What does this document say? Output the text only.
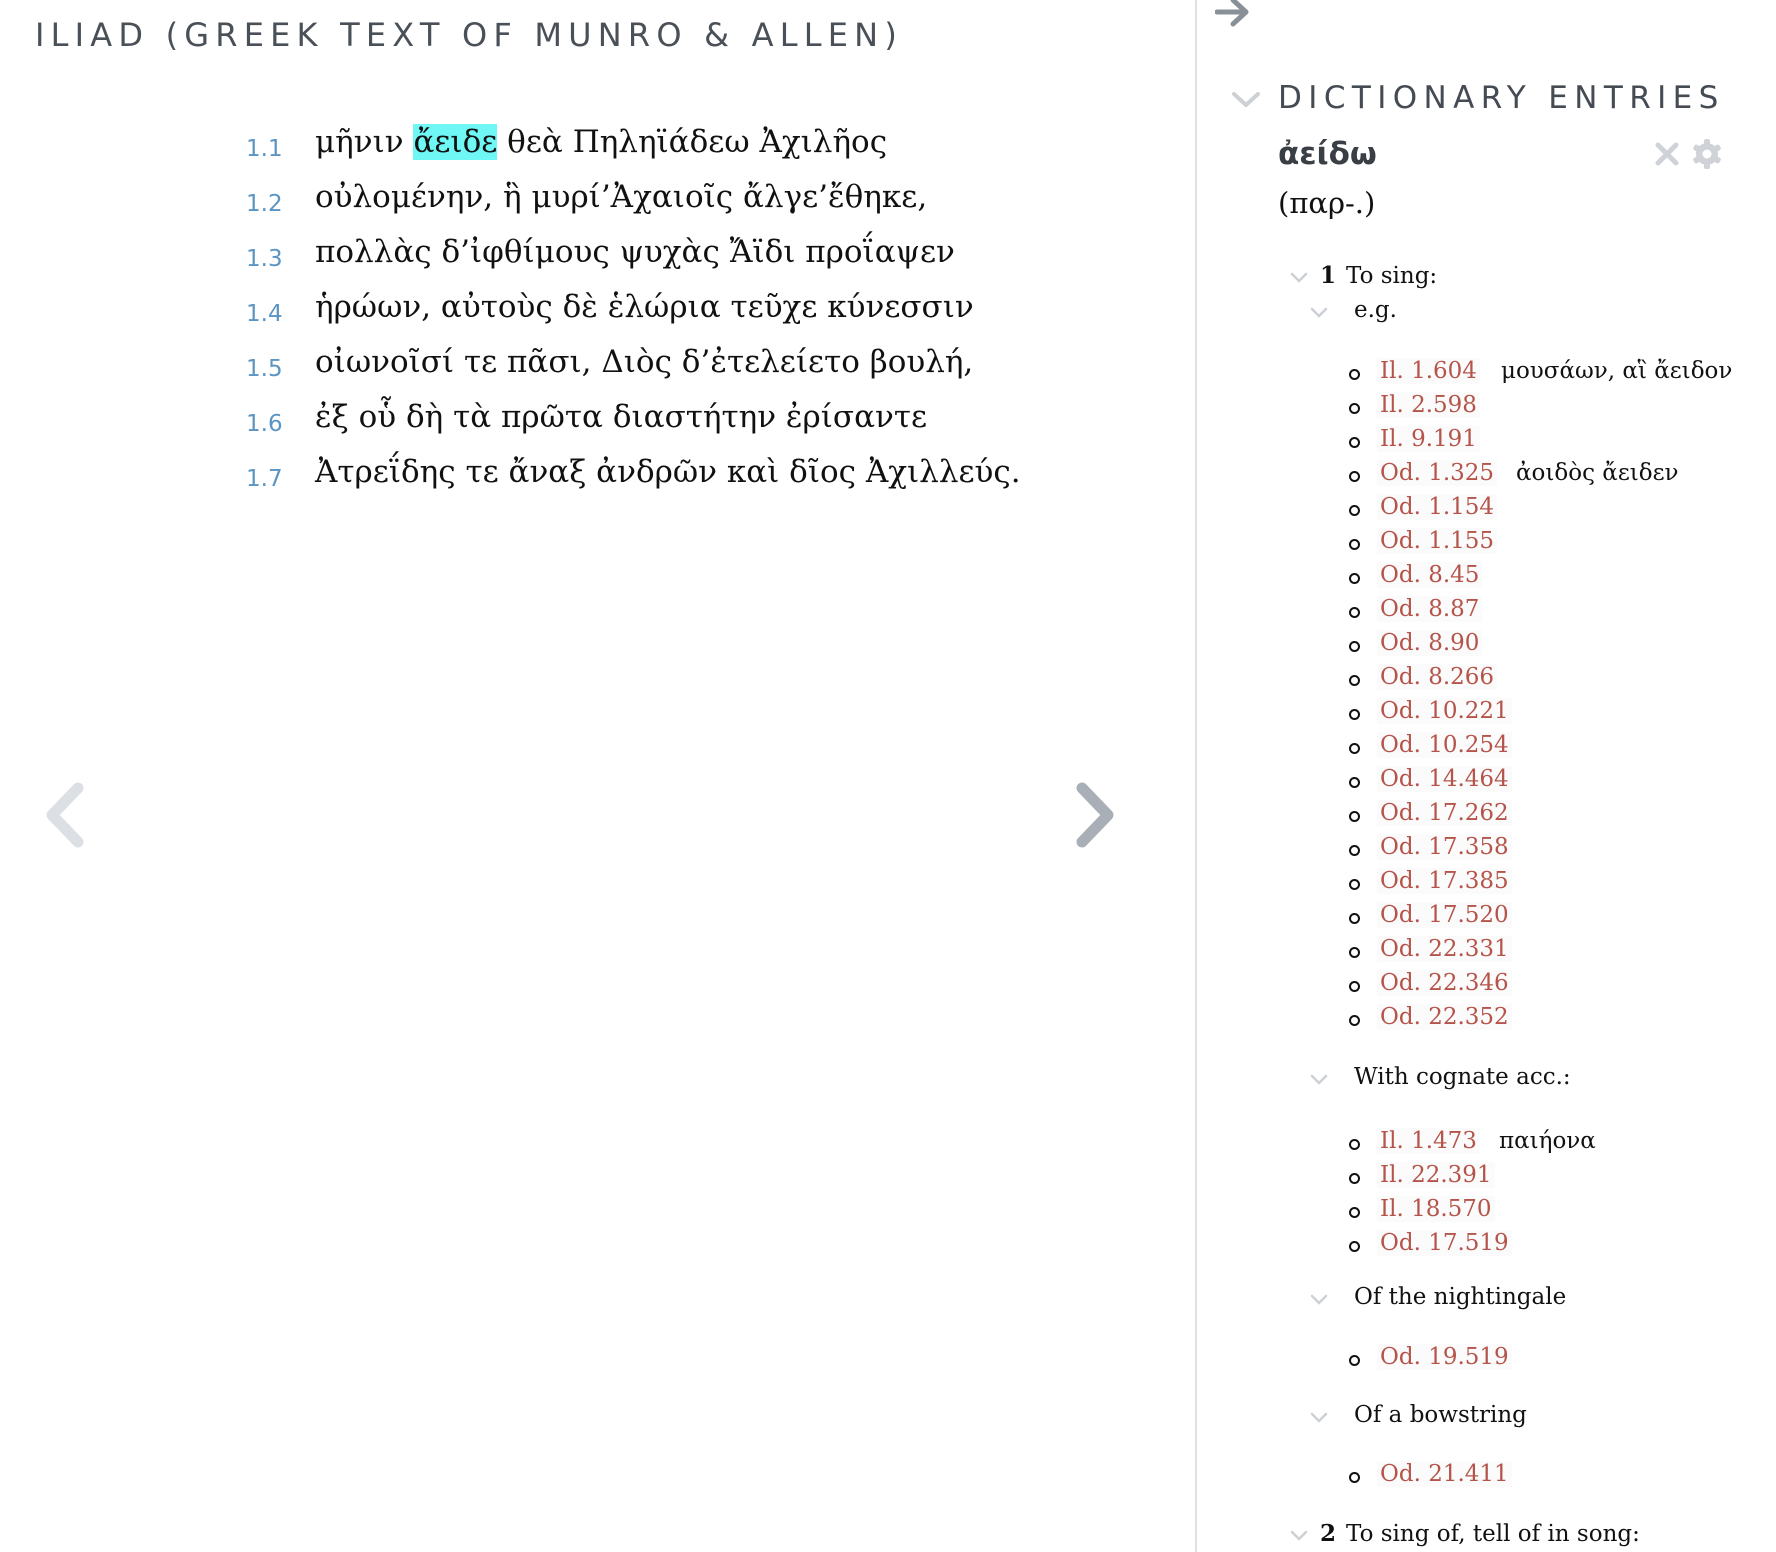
ILIAD (GREEK TEXT OF MUNRO & ALLEN)
1.1 μῆνιν ἄειδε θεὰ Πηληϊάδεω Ἀχιλῆος
1.2 οὐλομένην, ἣ μυρί’Ἀχαιοῖς ἄλγε’ἔθηκε,
1.3 πολλὰς δ’ἰφθίμους ψυχὰς Ἄϊδι προΐαψεν
1.4 ἡρώων, αὐτοὺς δὲ ἑλώρια τεῦχε κύνεσσιν
1.5 οἰωνοῖσί τε πᾶσι, Διὸς δ’ἐτελείετο βουλή,
1.6 ἐξ οὗ δὴ τὰ πρῶτα διαστήτην ἐρίσαντε
1.7 Ἀτρεΐδης τε ἄναξ ἀνδρῶν καὶ δῖος Ἀχιλλεύς.
DICTIONARY ENTRIES
ἀείδω
(παρ-.)
1 To sing:
e.g.
Il. 1.604 μουσάων, αἳ ἄειδον
Il. 2.598
Il. 9.191
Od. 1.325 ἀοιδὸς ἄειδεν
Od. 1.154
Od. 1.155
Od. 8.45
Od. 8.87
Od. 8.90
Od. 8.266
Od. 10.221
Od. 10.254
Od. 14.464
Od. 17.262
Od. 17.358
Od. 17.385
Od. 17.520
Od. 22.331
Od. 22.346
Od. 22.352
With cognate acc.:
Il. 1.473 παιήονα
Il. 22.391
Il. 18.570
Od. 17.519
Of the nightingale
Od. 19.519
Of a bowstring
Od. 21.411
2 To sing of, tell of in song:
